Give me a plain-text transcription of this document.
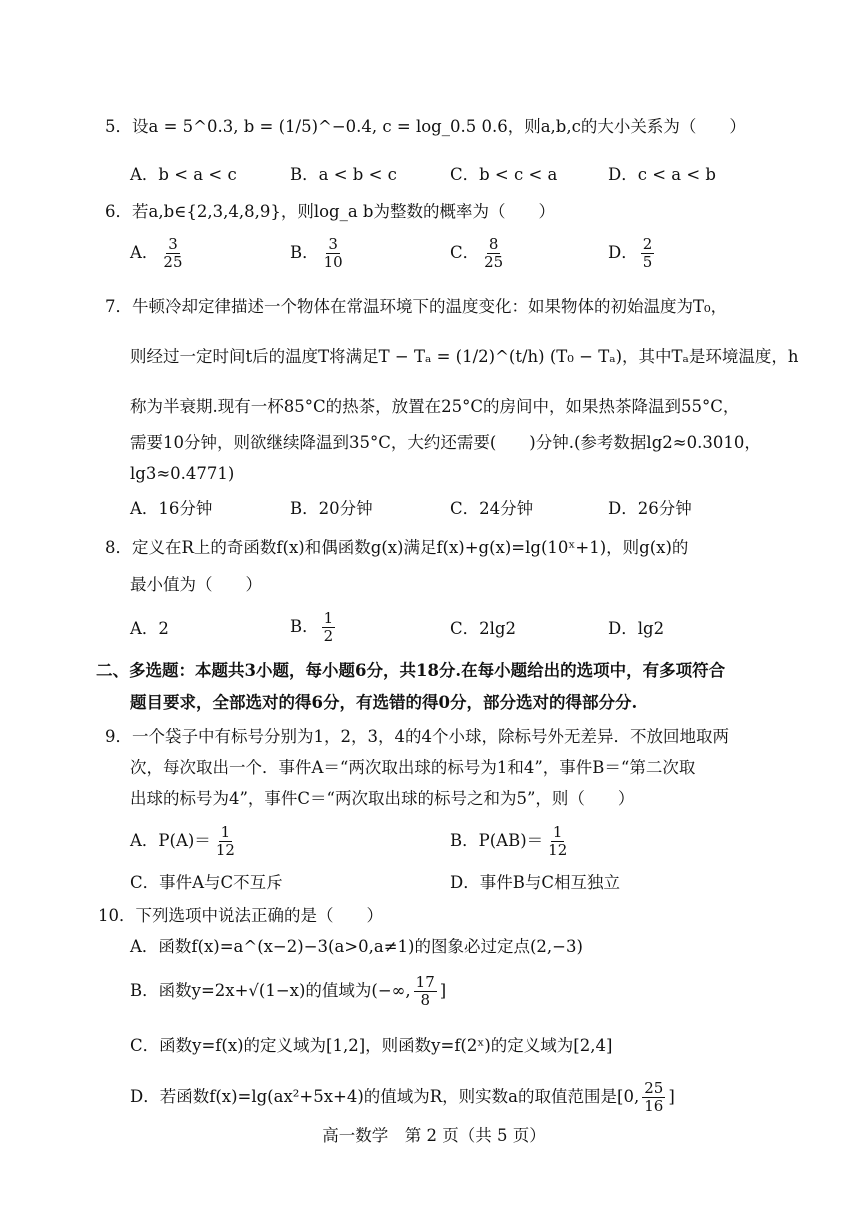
5．设a = 5^0.3, b = (1/5)^−0.4, c = log_0.5 0.6，则a,b,c的大小关系为（　　）
A．b < a < c	B．a < b < c	C．b < c < a	D．c < a < b
6．若a,b∈{2,3,4,8,9}，则log_a b为整数的概率为（　　）
A． $\frac{3}{25}$	B． $\frac{3}{10}$	C． $\frac{8}{25}$	D． $\frac{2}{5}$
7．牛顿冷却定律描述一个物体在常温环境下的温度变化：如果物体的初始温度为T₀，
则经过一定时间t后的温度T将满足T − Tₐ = (1/2)^(t/h) (T₀ − Tₐ)，其中Tₐ是环境温度，h
称为半衰期.现有一杯85°C的热茶，放置在25°C的房间中，如果热茶降温到55°C，
需要10分钟，则欲继续降温到35°C，大约还需要(　　)分钟.(参考数据lg2≈0.3010，
lg3≈0.4771)
A．16分钟	B．20分钟	C．24分钟	D．26分钟
8．定义在R上的奇函数f(x)和偶函数g(x)满足f(x)+g(x)=lg(10ˣ+1)，则g(x)的
最小值为（　　）
A．2	B． $\frac{1}{2}$	C．2lg2	D．lg2
二、多选题：本题共3小题，每小题6分，共18分.在每小题给出的选项中，有多项符合
题目要求，全部选对的得6分，有选错的得0分，部分选对的得部分分.
9．一个袋子中有标号分别为1，2，3，4的4个小球，除标号外无差异．不放回地取两
次，每次取出一个．事件A＝“两次取出球的标号为1和4”，事件B＝“第二次取
出球的标号为4”，事件C＝“两次取出球的标号之和为5”，则（　　）
A．$P(A)= \frac{1}{12}$	B．$P(AB)= \frac{1}{12}$
C．事件A与C不互斥	D．事件B与C相互独立
10．下列选项中说法正确的是（　　）
A．函数f(x)=a^(x−2)−3(a>0,a≠1)的图象必过定点(2,−3)
B．函数y=2x+√(1−x)的值域为(−∞, $\frac{17}{8}$ ]
C．函数y=f(x)的定义域为[1,2]，则函数y=f(2ˣ)的定义域为[2,4]
D．若函数f(x)=lg(ax²+5x+4)的值域为R，则实数a的取值范围是[0, $\frac{25}{16}$ ]
高一数学　第 2 页（共 5 页）
